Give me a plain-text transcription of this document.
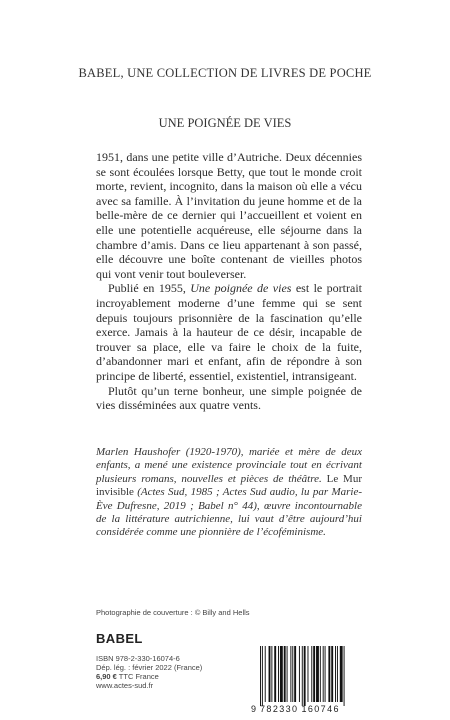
BABEL, UNE COLLECTION DE LIVRES DE POCHE
UNE POIGNÉE DE VIES

1951, dans une petite ville d’Autriche. Deux décennies se sont écoulées lorsque Betty, que tout le monde croit morte, revient, incognito, dans la maison où elle a vécu avec sa famille. À l’invitation du jeune homme et de la belle-mère de ce dernier qui l’accueillent et voient en elle une potentielle acquéreuse, elle séjourne dans la chambre d’amis. Dans ce lieu appartenant à son passé, elle découvre une boîte contenant de vieilles photos qui vont venir tout bouleverser.

Publié en 1955, Une poignée de vies est le portrait incroyablement moderne d’une femme qui se sent depuis toujours prisonnière de la fascination qu’elle exerce. Jamais à la hauteur de ce désir, incapable de trouver sa place, elle va faire le choix de la fuite, d’abandonner mari et enfant, afin de répondre à son principe de liberté, essentiel, existentiel, intransigeant.

Plutôt qu’un terne bonheur, une simple poignée de vies disséminées aux quatre vents.

Marlen Haushofer (1920-1970), mariée et mère de deux enfants, a mené une existence provinciale tout en écrivant plusieurs romans, nouvelles et pièces de théâtre. Le Mur invisible (Actes Sud, 1985 ; Actes Sud audio, lu par Marie-Ève Dufresne, 2019 ; Babel n° 44), œuvre incontournable de la littérature autrichienne, lui vaut d’être aujourd’hui considérée comme une pionnière de l’écoféminisme.

Photographie de couverture : © Billy and Hells
BABEL
ISBN 978-2-330-16074-6
Dép. lég. : février 2022 (France)
6,90 € TTC France
www.actes-sud.fr
9 782330 160746
